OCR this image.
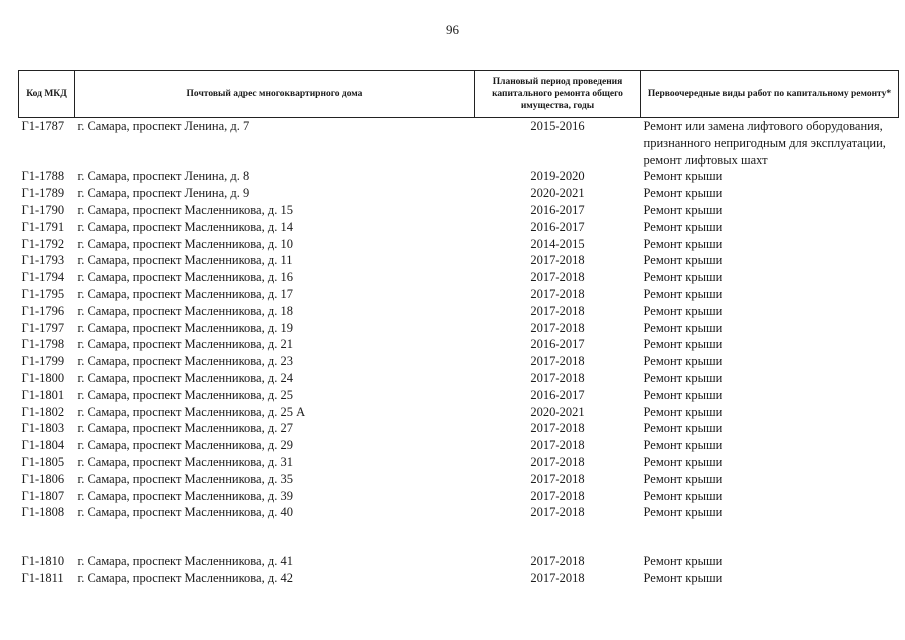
96
Код МКД	Почтовый адрес многоквартирного дома	Плановый период проведения капитального ремонта общего имущества, годы	Первоочередные виды работ по капитальному ремонту*
Г1-1787	г. Самара, проспект Ленина, д. 7	2015-2016	Ремонт или замена лифтового оборудования, признанного непригодным для эксплуатации, ремонт лифтовых шахт
Г1-1788	г. Самара, проспект Ленина, д. 8	2019-2020	Ремонт крыши
Г1-1789	г. Самара, проспект Ленина, д. 9	2020-2021	Ремонт крыши
Г1-1790	г. Самара, проспект Масленникова, д. 15	2016-2017	Ремонт крыши
Г1-1791	г. Самара, проспект Масленникова, д. 14	2016-2017	Ремонт крыши
Г1-1792	г. Самара, проспект Масленникова, д. 10	2014-2015	Ремонт крыши
Г1-1793	г. Самара, проспект Масленникова, д. 11	2017-2018	Ремонт крыши
Г1-1794	г. Самара, проспект Масленникова, д. 16	2017-2018	Ремонт крыши
Г1-1795	г. Самара, проспект Масленникова, д. 17	2017-2018	Ремонт крыши
Г1-1796	г. Самара, проспект Масленникова, д. 18	2017-2018	Ремонт крыши
Г1-1797	г. Самара, проспект Масленникова, д. 19	2017-2018	Ремонт крыши
Г1-1798	г. Самара, проспект Масленникова, д. 21	2016-2017	Ремонт крыши
Г1-1799	г. Самара, проспект Масленникова, д. 23	2017-2018	Ремонт крыши
Г1-1800	г. Самара, проспект Масленникова, д. 24	2017-2018	Ремонт крыши
Г1-1801	г. Самара, проспект Масленникова, д. 25	2016-2017	Ремонт крыши
Г1-1802	г. Самара, проспект Масленникова, д. 25 А	2020-2021	Ремонт крыши
Г1-1803	г. Самара, проспект Масленникова, д. 27	2017-2018	Ремонт крыши
Г1-1804	г. Самара, проспект Масленникова, д. 29	2017-2018	Ремонт крыши
Г1-1805	г. Самара, проспект Масленникова, д. 31	2017-2018	Ремонт крыши
Г1-1806	г. Самара, проспект Масленникова, д. 35	2017-2018	Ремонт крыши
Г1-1807	г. Самара, проспект Масленникова, д. 39	2017-2018	Ремонт крыши
Г1-1808	г. Самара, проспект Масленникова, д. 40	2017-2018	Ремонт крыши

Г1-1810	г. Самара, проспект Масленникова, д. 41	2017-2018	Ремонт крыши
Г1-1811	г. Самара, проспект Масленникова, д. 42	2017-2018	Ремонт крыши
